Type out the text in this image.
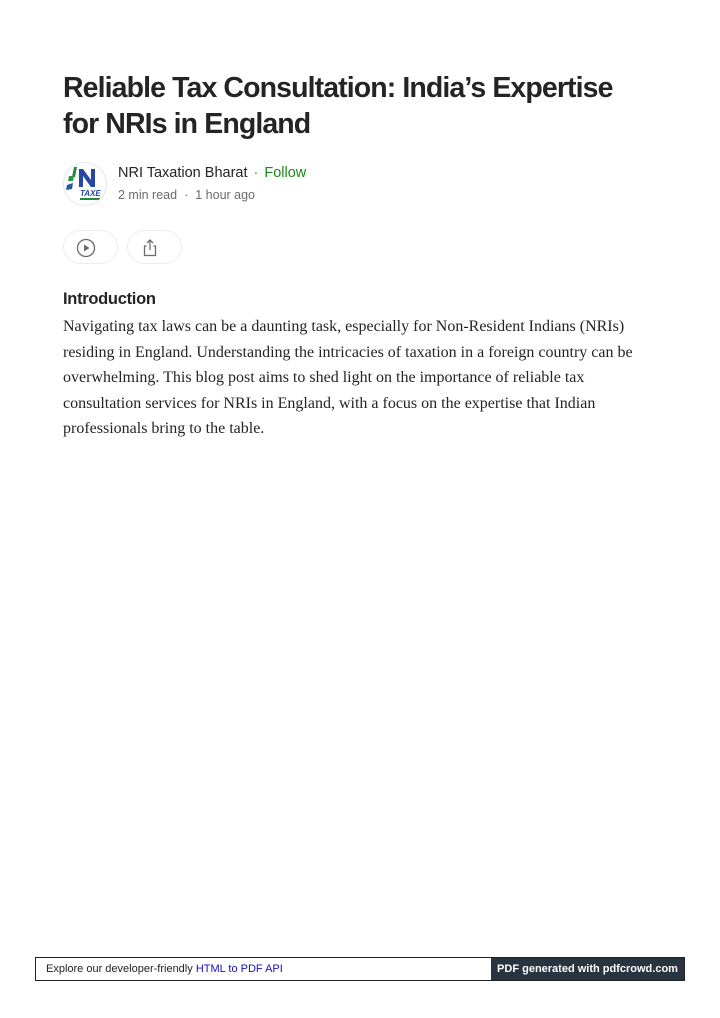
Reliable Tax Consultation: India’s Expertise for NRIs in England
TAXE
NRI Taxation Bharat · Follow
2 min read · 1 hour ago
Introduction

Navigating tax laws can be a daunting task, especially for Non-Resident Indians (NRIs) residing in England. Understanding the intricacies of taxation in a foreign country can be overwhelming. This blog post aims to shed light on the importance of reliable tax consultation services for NRIs in England, with a focus on the expertise that Indian professionals bring to the table.

Explore our developer-friendly HTML to PDF API	PDF generated with pdfcrowd.com
